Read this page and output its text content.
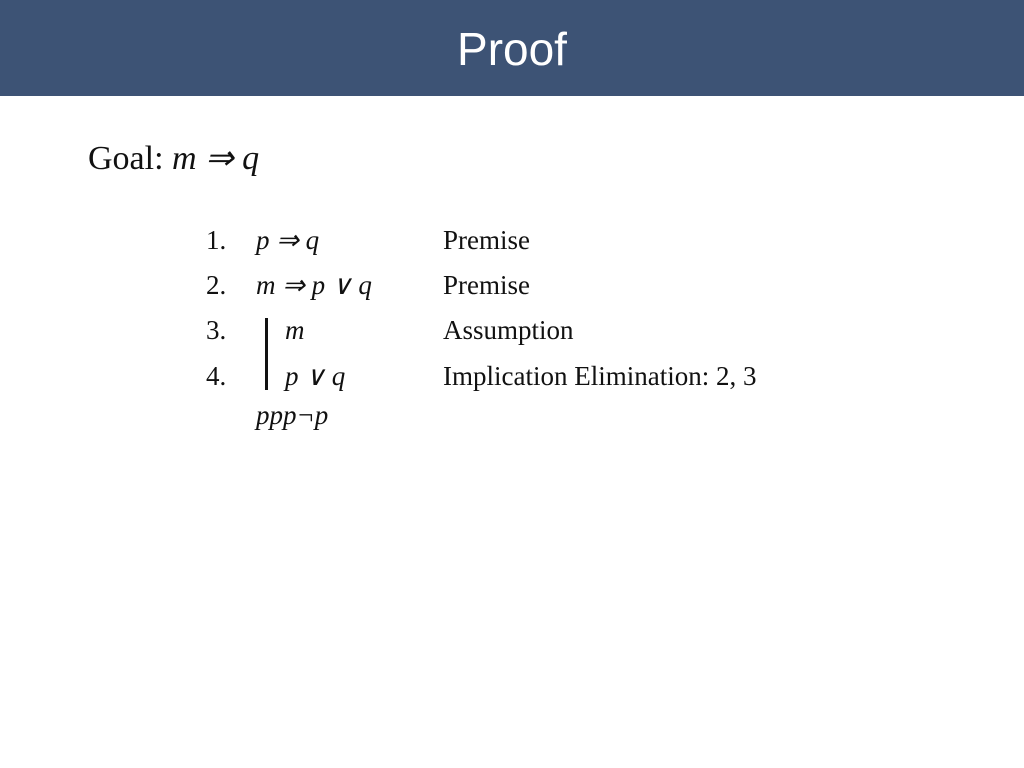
Proof
Goal: m ⇒ q
1. p ⇒ q	Premise
2. m ⇒ p ∨ q	Premise
3. m	Assumption
4. p ∨ q	Implication Elimination: 2, 3
ppp¬p
